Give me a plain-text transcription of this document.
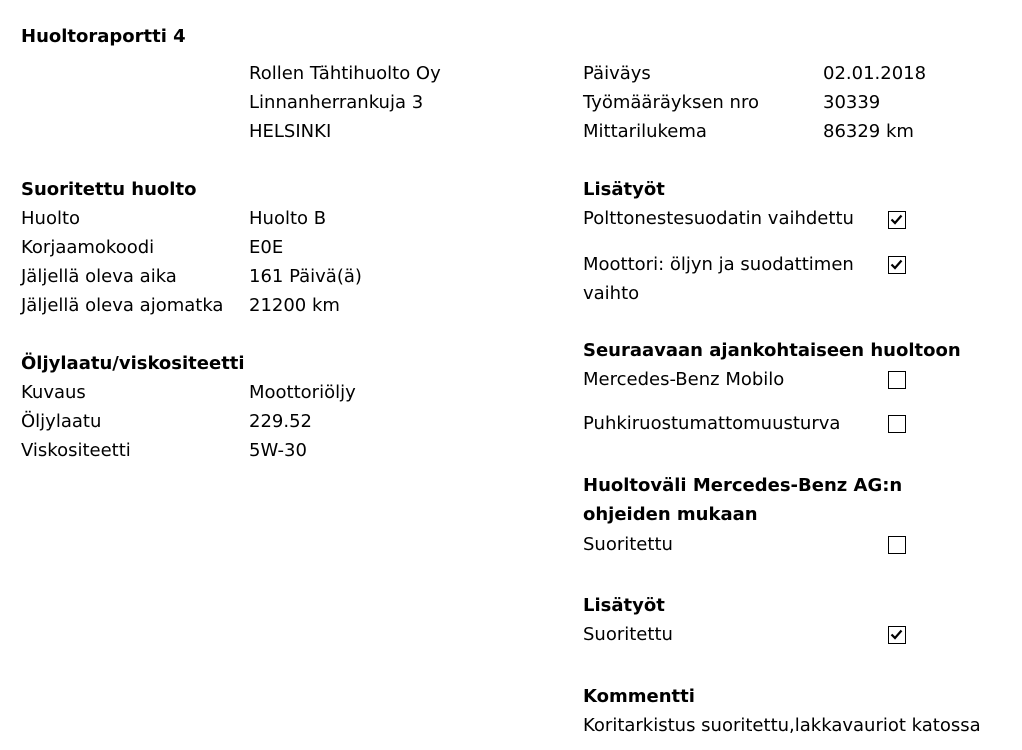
Huoltoraportti 4
Rollen Tähtihuolto Oy
Linnanherrankuja 3
HELSINKI
Päiväys	02.01.2018
Työmääräyksen nro	30339
Mittarilukema	86329 km
Suoritettu huolto
Huolto	Huolto B
Korjaamokoodi	E0E
Jäljellä oleva aika	161 Päivä(ä)
Jäljellä oleva ajomatka 21200 km
Öljylaatu/viskositeetti
Kuvaus	Moottoriöljy
Öljylaatu	229.52
Viskositeetti	5W-30
Lisätyöt
Polttonestesuodatin vaihdettu
Moottori: öljyn ja suodattimen vaihto
Seuraavaan ajankohtaiseen huoltoon
Mercedes-Benz Mobilo
Puhkiruostumattomuusturva
Huoltoväli Mercedes-Benz AG:n ohjeiden mukaan
Suoritettu
Lisätyöt
Suoritettu
Kommentti
Koritarkistus suoritettu,lakkavauriot katossa
